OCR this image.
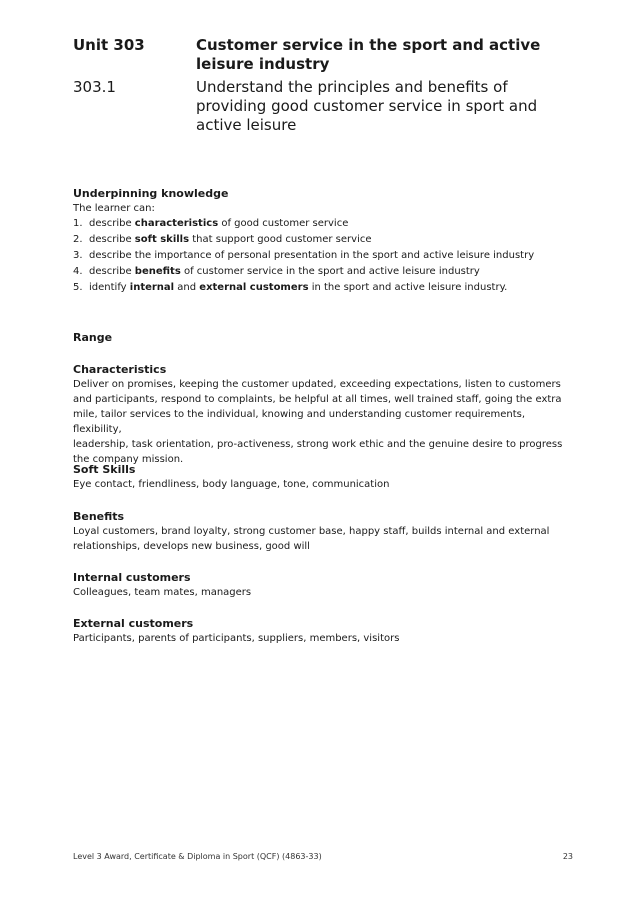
Unit 303	Customer service in the sport and active leisure industry
303.1	Understand the principles and benefits of providing good customer service in sport and active leisure
Underpinning knowledge
The learner can:
1. describe characteristics of good customer service
2. describe soft skills that support good customer service
3. describe the importance of personal presentation in the sport and active leisure industry
4. describe benefits of customer service in the sport and active leisure industry
5. identify internal and external customers in the sport and active leisure industry.
Range
Characteristics
Deliver on promises, keeping the customer updated, exceeding expectations, listen to customers
and participants, respond to complaints, be helpful at all times, well trained staff, going the extra
mile, tailor services to the individual, knowing and understanding customer requirements, flexibility,
leadership, task orientation, pro-activeness, strong work ethic and the genuine desire to progress
the company mission.
Soft Skills
Eye contact, friendliness, body language, tone, communication
Benefits
Loyal customers, brand loyalty, strong customer base, happy staff, builds internal and external
relationships, develops new business, good will
Internal customers
Colleagues, team mates, managers
External customers
Participants, parents of participants, suppliers, members, visitors
Level 3 Award, Certificate & Diploma in Sport (QCF) (4863-33)	23
